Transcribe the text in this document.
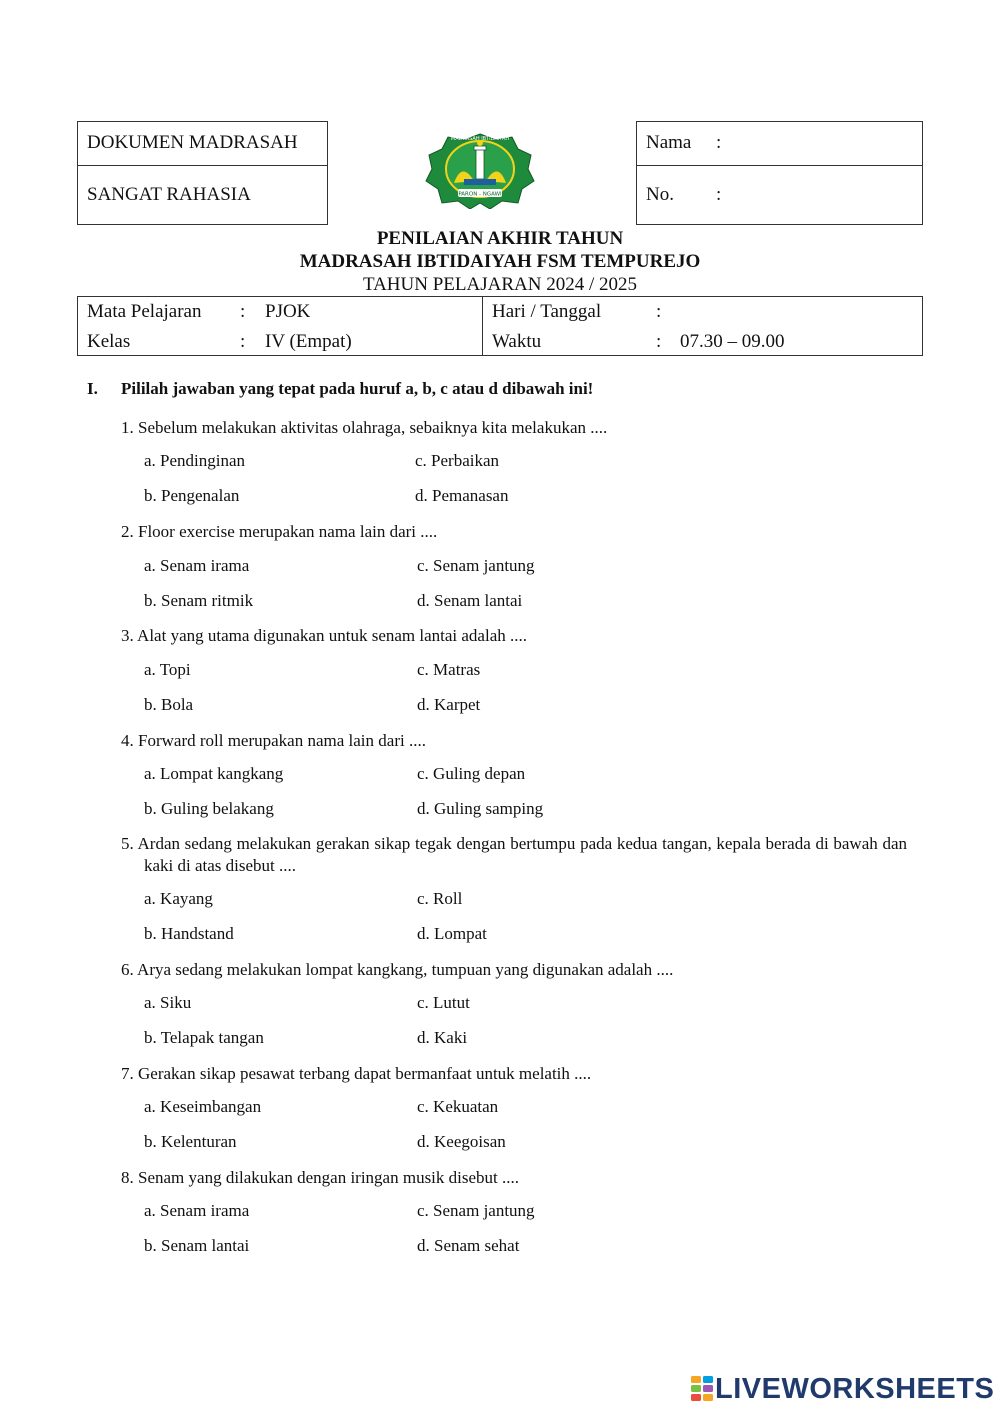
DOKUMEN MADRASAH
SANGAT RAHASIA	PARON - NGAWI
MADRASAH IBTIDAIYAH	Nama :
No. :
PENILAIAN AKHIR TAHUN
MADRASAH IBTIDAIYAH FSM TEMPUREJO
TAHUN PELAJARAN 2024 / 2025
Mata Pelajaran : PJOK
Kelas	: IV (Empat)
Hari / Tanggal	:
Waktu	: 07.30 – 09.00
I. Pililah jawaban yang tepat pada huruf a, b, c atau d dibawah ini!
1. Sebelum melakukan aktivitas olahraga, sebaiknya kita melakukan ....
a. Pendinginan	c. Perbaikan
b. Pengenalan	d. Pemanasan
2. Floor exercise merupakan nama lain dari ....
a. Senam irama	c. Senam jantung
b. Senam ritmik	d. Senam lantai
3. Alat yang utama digunakan untuk senam lantai adalah ....
a. Topi	c. Matras
b. Bola	d. Karpet
4. Forward roll merupakan nama lain dari ....
a. Lompat kangkang	c. Guling depan
b. Guling belakang	d. Guling samping
5. Ardan sedang melakukan gerakan sikap tegak dengan bertumpu pada kedua tangan, kepala berada di bawah dan kaki di atas disebut ....
a. Kayang	c. Roll
b. Handstand	d. Lompat
6. Arya sedang melakukan lompat kangkang, tumpuan yang digunakan adalah ....
a. Siku	c. Lutut
b. Telapak tangan	d. Kaki
7. Gerakan sikap pesawat terbang dapat bermanfaat untuk melatih ....
a. Keseimbangan	c. Kekuatan
b. Kelenturan	d. Keegoisan
8. Senam yang dilakukan dengan iringan musik disebut ....
a. Senam irama	c. Senam jantung
b. Senam lantai	d. Senam sehat
LIVEWORKSHEETS
